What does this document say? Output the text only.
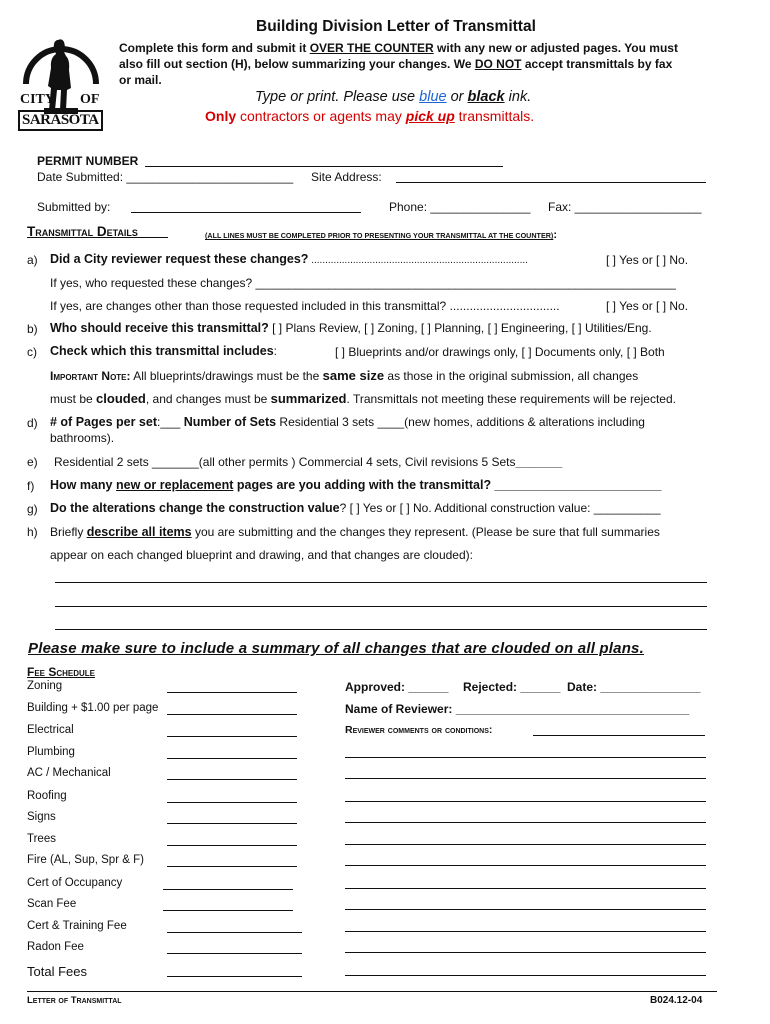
CITY OF
SARASOTA
Building Division Letter of Transmittal
Complete this form and submit it OVER THE COUNTER with any new or adjusted pages. You must
also fill out section (H), below summarizing your changes. We DO NOT accept transmittals by fax
or mail.
Type or print. Please use blue or black ink.
Only contractors or agents may pick up transmittals.
PERMIT NUMBER
Date Submitted: _________________________ Site Address:
Submitted by:	Phone: _______________ Fax: ___________________
Transmittal Details____	(ALL LINES MUST BE COMPLETED PRIOR TO PRESENTING YOUR TRANSMITTAL AT THE COUNTER):
a) Did a City reviewer request these changes? ..............................................................................	[ ] Yes or [ ] No.
If yes, who requested these changes? _______________________________________________________________
If yes, are changes other than those requested included in this transmittal? .................................	[ ] Yes or [ ] No.
b) Who should receive this transmittal? [ ] Plans Review, [ ] Zoning, [ ] Planning, [ ] Engineering, [ ] Utilities/Eng.
c) Check which this transmittal includes:	[ ] Blueprints and/or drawings only, [ ] Documents only, [ ] Both
Important Note: All blueprints/drawings must be the same size as those in the original submission, all changes
must be clouded, and changes must be summarized. Transmittals not meeting these requirements will be rejected.
d) # of Pages per set:___ Number of Sets Residential 3 sets ____(new homes, additions & alterations including
bathrooms).
e) Residential 2 sets _______(all other permits ) Commercial 4 sets, Civil revisions 5 Sets_______
f) How many new or replacement pages are you adding with the transmittal? ________________________
g) Do the alterations change the construction value? [ ] Yes or [ ] No. Additional construction value: __________
h) Briefly describe all items you are submitting and the changes they represent. (Please be sure that full summaries
appear on each changed blueprint and drawing, and that changes are clouded):
Please make sure to include a summary of all changes that are clouded on all plans.
Fee Schedule
Zoning
Building + $1.00 per page
Electrical
Plumbing
AC / Mechanical
Roofing
Signs
Trees
Fire (AL, Sup, Spr & F)
Cert of Occupancy
Scan Fee
Cert & Training Fee
Radon Fee
Total Fees
Approved: ______ Rejected: ______ Date: _______________
Name of Reviewer: ___________________________________
Reviewer comments or conditions:
Letter of Transmittal	B024.12-04
